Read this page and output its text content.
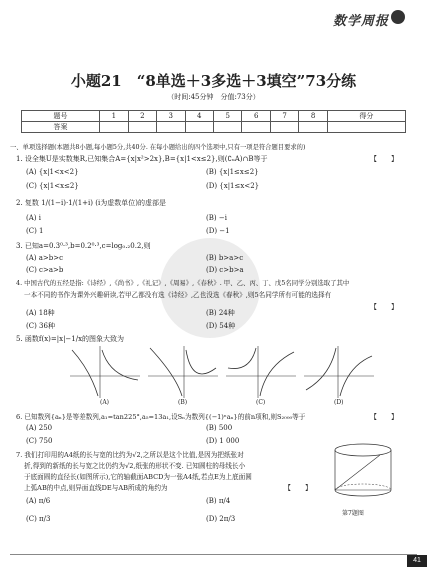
数学周报
小题21　“8单选＋3多选＋3填空”73分练
（时间:45分钟　分值:73分）
题号	1	2	3	4	5	6	7	8	得分
答案									
一、单项选择题(本题共8小题,每小题5分,共40分. 在每小题给出的四个选项中,只有一项是符合题目要求的)
1. 设全集U是实数集R,已知集合A={x|x²>2x},B={x|1<x≤2},则(∁ᵤA)∩B等于	【　　】
(A) {x|1<x<2}	(B) {x|1≤x≤2}
(C) {x|1<x≤2}	(D) {x|1≤x<2}
2. 复数 1/(1−i)·1/(1+i) (i为虚数单位)的虚部是
(A) i	(B) −i
(C) 1	(D) −1
3. 已知a=0.3⁰·³,b=0.2⁰·³,c=log₀.₂0.2,则
(A) a>b>c	(B) b>a>c
(C) c>a>b	(D) c>b>a
4. 中国古代的五经是指:《诗经》,《尚书》,《礼记》,《周易》,《春秋》. 甲、乙、丙、丁、戊5名同学分别选取了其中
一本不同的书作为课外兴趣研读,若甲乙都没有选《诗经》,乙也没选《春秋》,则5名同学所有可能的选择有
【　　】
(A) 18种	(B) 24种
(C) 36种	(D) 54种
5. 函数f(x)=|x|−1/x的图象大致为
(A)	(B)	(C)	(D)
6. 已知数列{aₙ}是等差数列,a₁=tan225°,a₅=13a₁,设Sₙ为数列{(−1)ⁿaₙ}的前n项和,则S₂₀₀₀等于	【　　】
(A) 250	(B) 500
(C) 750	(D) 1 000
7. 我们打印用的A4纸的长与宽的比约为√2,之所以是这个比值,是因为把纸张对
折,得到的新纸的长与宽之比仍约为√2,纸张的形状不变. 已知圆柱的母线长小
于底面圆的直径长(如图所示),它的轴截面ABCD为一张A4纸,若点E为上底面圆
上弧AB的中点,则异面直线DE与AB所成的角约为	【　　】
(A) π/6	(B) π/4
(C) π/3	(D) 2π/3
第7题图
41
